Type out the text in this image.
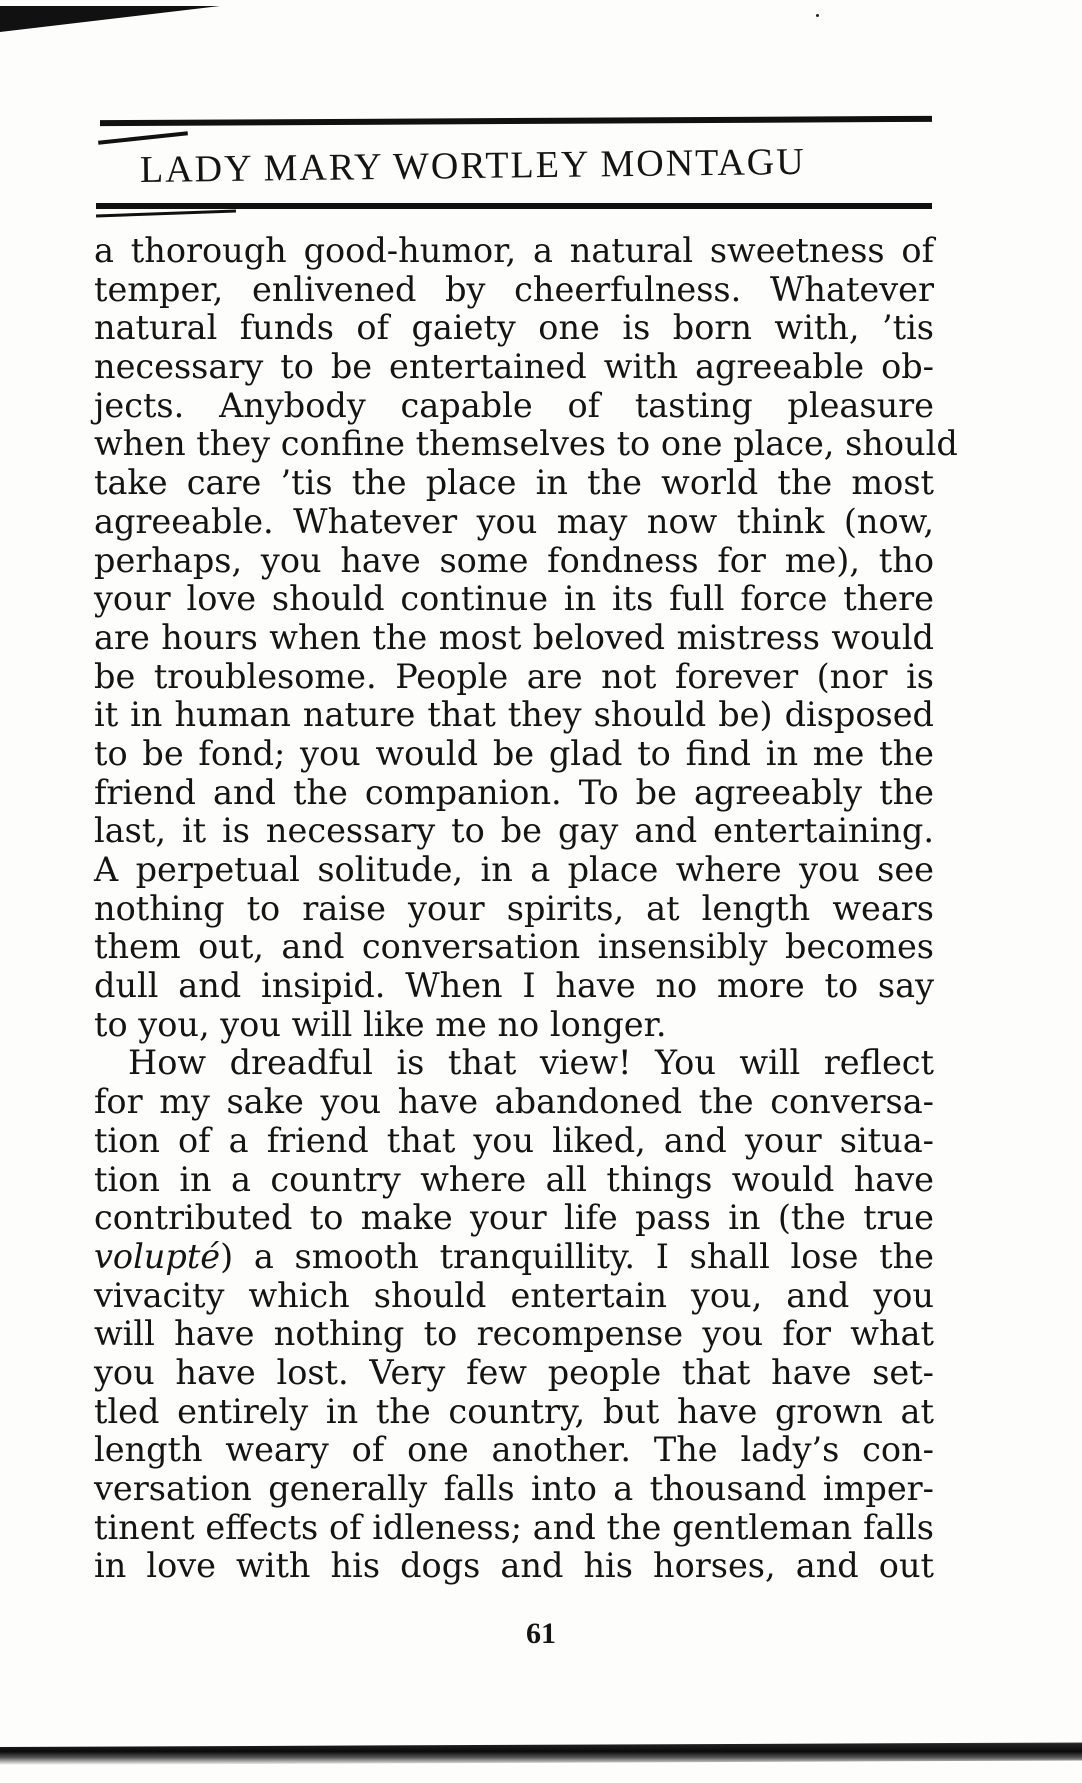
LADY MARY WORTLEY MONTAGU
a thorough good-humor, a natural sweetness of
temper, enlivened by cheerfulness. Whatever
natural funds of gaiety one is born with, ’tis
necessary to be entertained with agreeable ob-
jects. Anybody capable of tasting pleasure
when they confine themselves to one place, should
take care ’tis the place in the world the most
agreeable. Whatever you may now think (now,
perhaps, you have some fondness for me), tho
your love should continue in its full force there
are hours when the most beloved mistress would
be troublesome. People are not forever (nor is
it in human nature that they should be) disposed
to be fond; you would be glad to find in me the
friend and the companion. To be agreeably the
last, it is necessary to be gay and entertaining.
A perpetual solitude, in a place where you see
nothing to raise your spirits, at length wears
them out, and conversation insensibly becomes
dull and insipid. When I have no more to say
to you, you will like me no longer.
How dreadful is that view! You will reflect
for my sake you have abandoned the conversa-
tion of a friend that you liked, and your situa-
tion in a country where all things would have
contributed to make your life pass in (the true
volupté) a smooth tranquillity. I shall lose the
vivacity which should entertain you, and you
will have nothing to recompense you for what
you have lost. Very few people that have set-
tled entirely in the country, but have grown at
length weary of one another. The lady’s con-
versation generally falls into a thousand imper-
tinent effects of idleness; and the gentleman falls
in love with his dogs and his horses, and out
61
